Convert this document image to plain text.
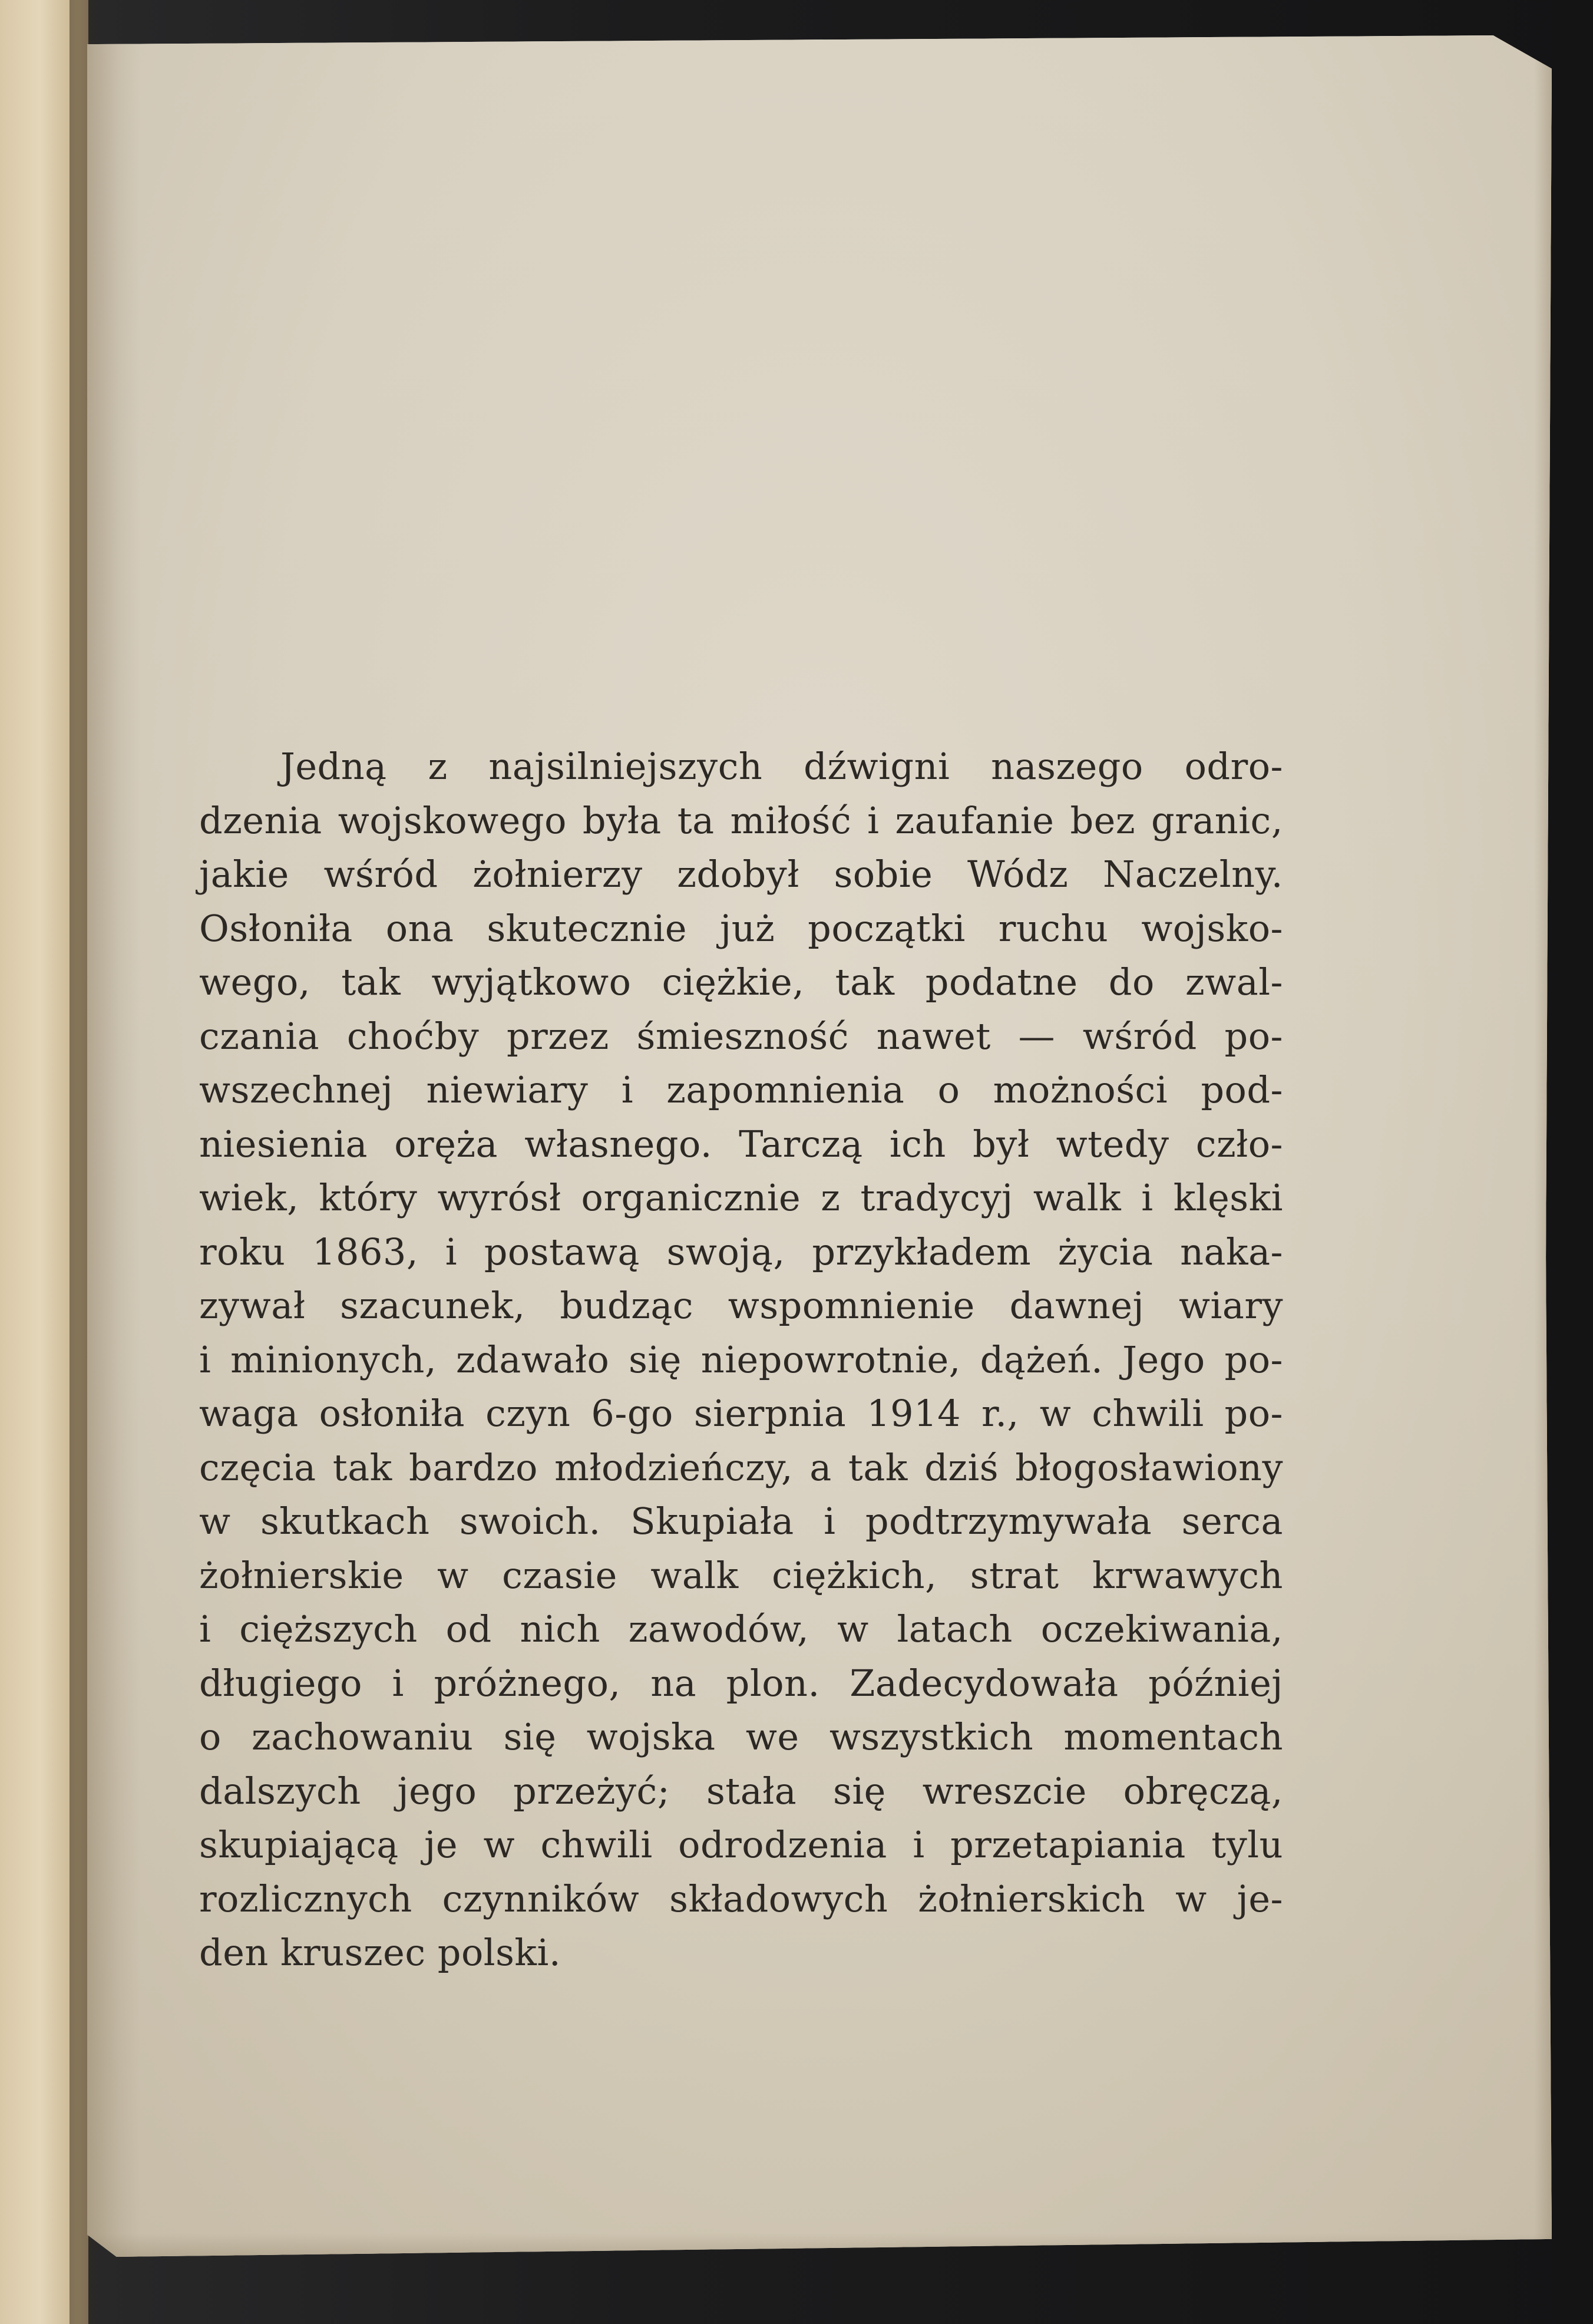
Jedną z najsilniejszych dźwigni naszego odro-
dzenia wojskowego była ta miłość i zaufanie bez granic,
jakie wśród żołnierzy zdobył sobie Wódz Naczelny.
Osłoniła ona skutecznie już początki ruchu wojsko-
wego, tak wyjątkowo ciężkie, tak podatne do zwal-
czania choćby przez śmieszność nawet — wśród po-
wszechnej niewiary i zapomnienia o możności pod-
niesienia oręża własnego. Tarczą ich był wtedy czło-
wiek, który wyrósł organicznie z tradycyj walk i klęski
roku 1863, i postawą swoją, przykładem życia naka-
zywał szacunek, budząc wspomnienie dawnej wiary
i minionych, zdawało się niepowrotnie, dążeń. Jego po-
waga osłoniła czyn 6-go sierpnia 1914 r., w chwili po-
częcia tak bardzo młodzieńczy, a tak dziś błogosławiony
w skutkach swoich. Skupiała i podtrzymywała serca
żołnierskie w czasie walk ciężkich, strat krwawych
i cięższych od nich zawodów, w latach oczekiwania,
długiego i próżnego, na plon. Zadecydowała później
o zachowaniu się wojska we wszystkich momentach
dalszych jego przeżyć; stała się wreszcie obręczą,
skupiającą je w chwili odrodzenia i przetapiania tylu
rozlicznych czynników składowych żołnierskich w je-
den kruszec polski.
